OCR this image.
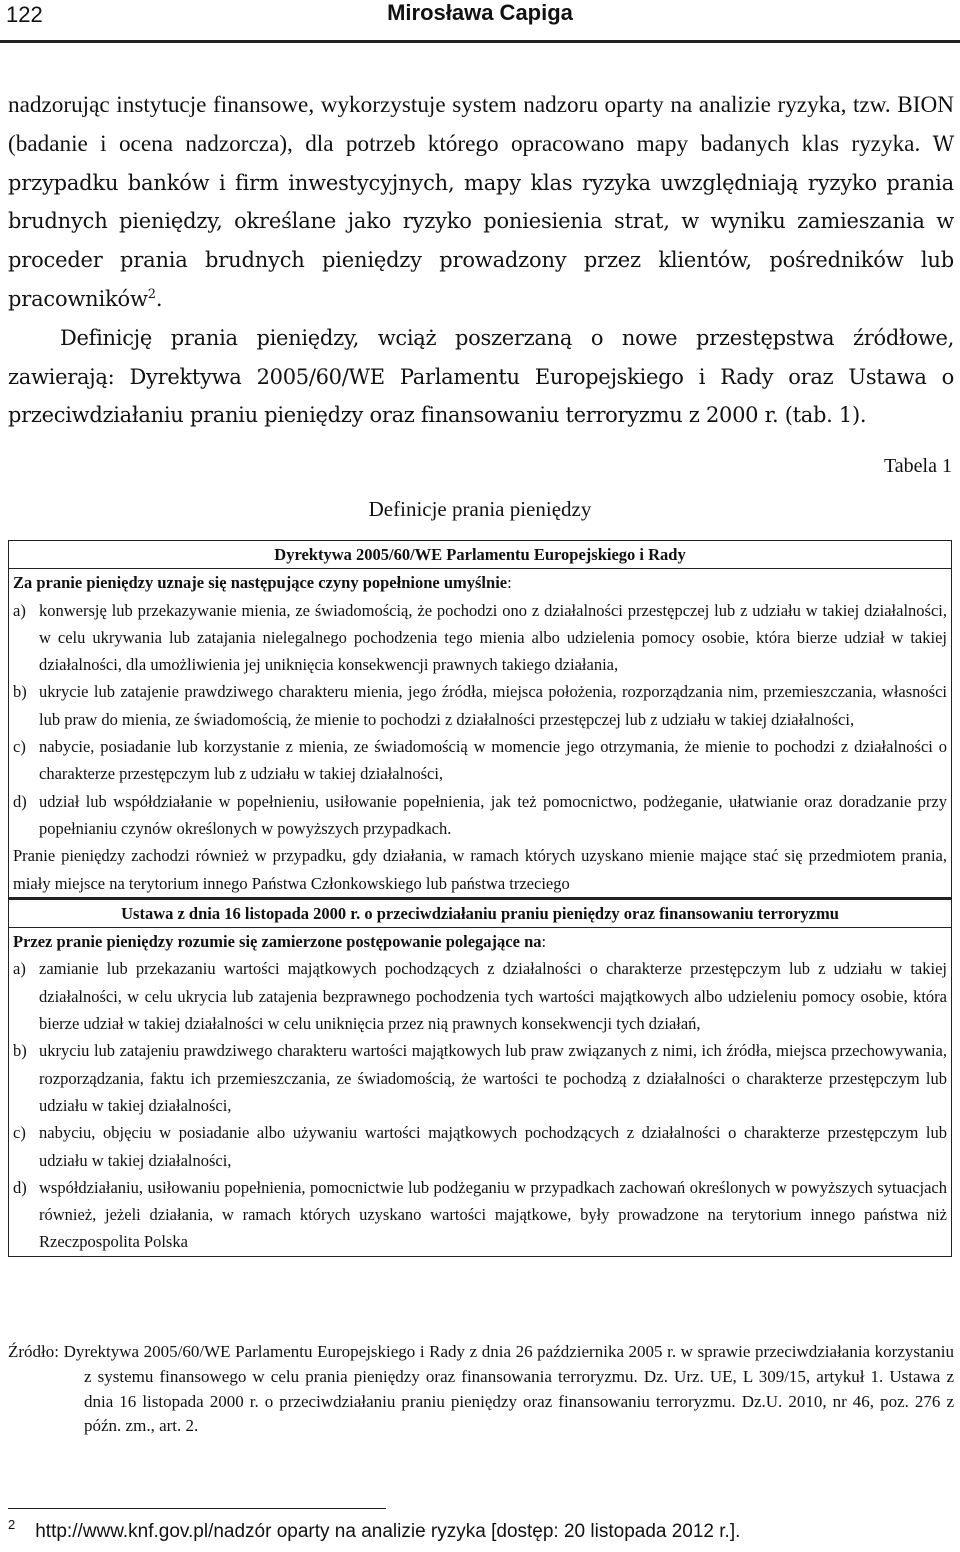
122	Mirosława Capiga

nadzorując instytucje finansowe, wykorzystuje system nadzoru oparty na analizie ryzyka, tzw. BION (badanie i ocena nadzorcza), dla potrzeb którego opracowano mapy badanych klas ryzyka. W przypadku banków i firm inwestycyjnych, mapy klas ryzyka uwzględniają ryzyko prania brudnych pieniędzy, określane jako ryzyko poniesienia strat, w wyniku zamieszania w proceder prania brudnych pieniędzy prowadzony przez klientów, pośredników lub pracowników$^2$.

Definicję prania pieniędzy, wciąż poszerzaną o nowe przestępstwa źródłowe, zawierają: Dyrektywa 2005/60/WE Parlamentu Europejskiego i Rady oraz Ustawa o przeciwdziałaniu praniu pieniędzy oraz finansowaniu terroryzmu z 2000 r. (tab. 1).

Tabela 1
Definicje prania pieniędzy
Dyrektywa 2005/60/WE Parlamentu Europejskiego i Rady
Za pranie pieniędzy uznaje się następujące czyny popełnione umyślnie:
a) konwersję lub przekazywanie mienia, ze świadomością, że pochodzi ono z działalności przestępczej lub z udziału w takiej działalności, w celu ukrywania lub zatajania nielegalnego pochodzenia tego mienia albo udzielenia pomocy osobie, która bierze udział w takiej działalności, dla umożliwienia jej uniknięcia konsekwencji prawnych takiego działania,
b) ukrycie lub zatajenie prawdziwego charakteru mienia, jego źródła, miejsca położenia, rozporządzania nim, przemieszczania, własności lub praw do mienia, ze świadomością, że mienie to pochodzi z działalności przestępczej lub z udziału w takiej działalności,
c) nabycie, posiadanie lub korzystanie z mienia, ze świadomością w momencie jego otrzymania, że mienie to pochodzi z działalności o charakterze przestępczym lub z udziału w takiej działalności,
d) udział lub współdziałanie w popełnieniu, usiłowanie popełnienia, jak też pomocnictwo, podżeganie, ułatwianie oraz doradzanie przy popełnianiu czynów określonych w powyższych przypadkach.
Pranie pieniędzy zachodzi również w przypadku, gdy działania, w ramach których uzyskano mienie mające stać się przedmiotem prania, miały miejsce na terytorium innego Państwa Członkowskiego lub państwa trzeciego
Ustawa z dnia 16 listopada 2000 r. o przeciwdziałaniu praniu pieniędzy oraz finansowaniu terroryzmu
Przez pranie pieniędzy rozumie się zamierzone postępowanie polegające na:
a) zamianie lub przekazaniu wartości majątkowych pochodzących z działalności o charakterze przestępczym lub z udziału w takiej działalności, w celu ukrycia lub zatajenia bezprawnego pochodzenia tych wartości majątkowych albo udzieleniu pomocy osobie, która bierze udział w takiej działalności w celu uniknięcia przez nią prawnych konsekwencji tych działań,
b) ukryciu lub zatajeniu prawdziwego charakteru wartości majątkowych lub praw związanych z nimi, ich źródła, miejsca przechowywania, rozporządzania, faktu ich przemieszczania, ze świadomością, że wartości te pochodzą z działalności o charakterze przestępczym lub udziału w takiej działalności,
c) nabyciu, objęciu w posiadanie albo używaniu wartości majątkowych pochodzących z działalności o charakterze przestępczym lub udziału w takiej działalności,
d) współdziałaniu, usiłowaniu popełnienia, pomocnictwie lub podżeganiu w przypadkach zachowań określonych w powyższych sytuacjach również, jeżeli działania, w ramach których uzyskano wartości majątkowe, były prowadzone na terytorium innego państwa niż Rzeczpospolita Polska
Źródło: Dyrektywa 2005/60/WE Parlamentu Europejskiego i Rady z dnia 26 października 2005 r. w sprawie przeciwdziałania korzystaniu z systemu finansowego w celu prania pieniędzy oraz finansowania terroryzmu. Dz. Urz. UE, L 309/15, artykuł 1. Ustawa z dnia 16 listopada 2000 r. o przeciwdziałaniu praniu pieniędzy oraz finansowaniu terroryzmu. Dz.U. 2010, nr 46, poz. 276 z późn. zm., art. 2.
$^2$ http://www.knf.gov.pl/nadzór oparty na analizie ryzyka [dostęp: 20 listopada 2012 r.].
